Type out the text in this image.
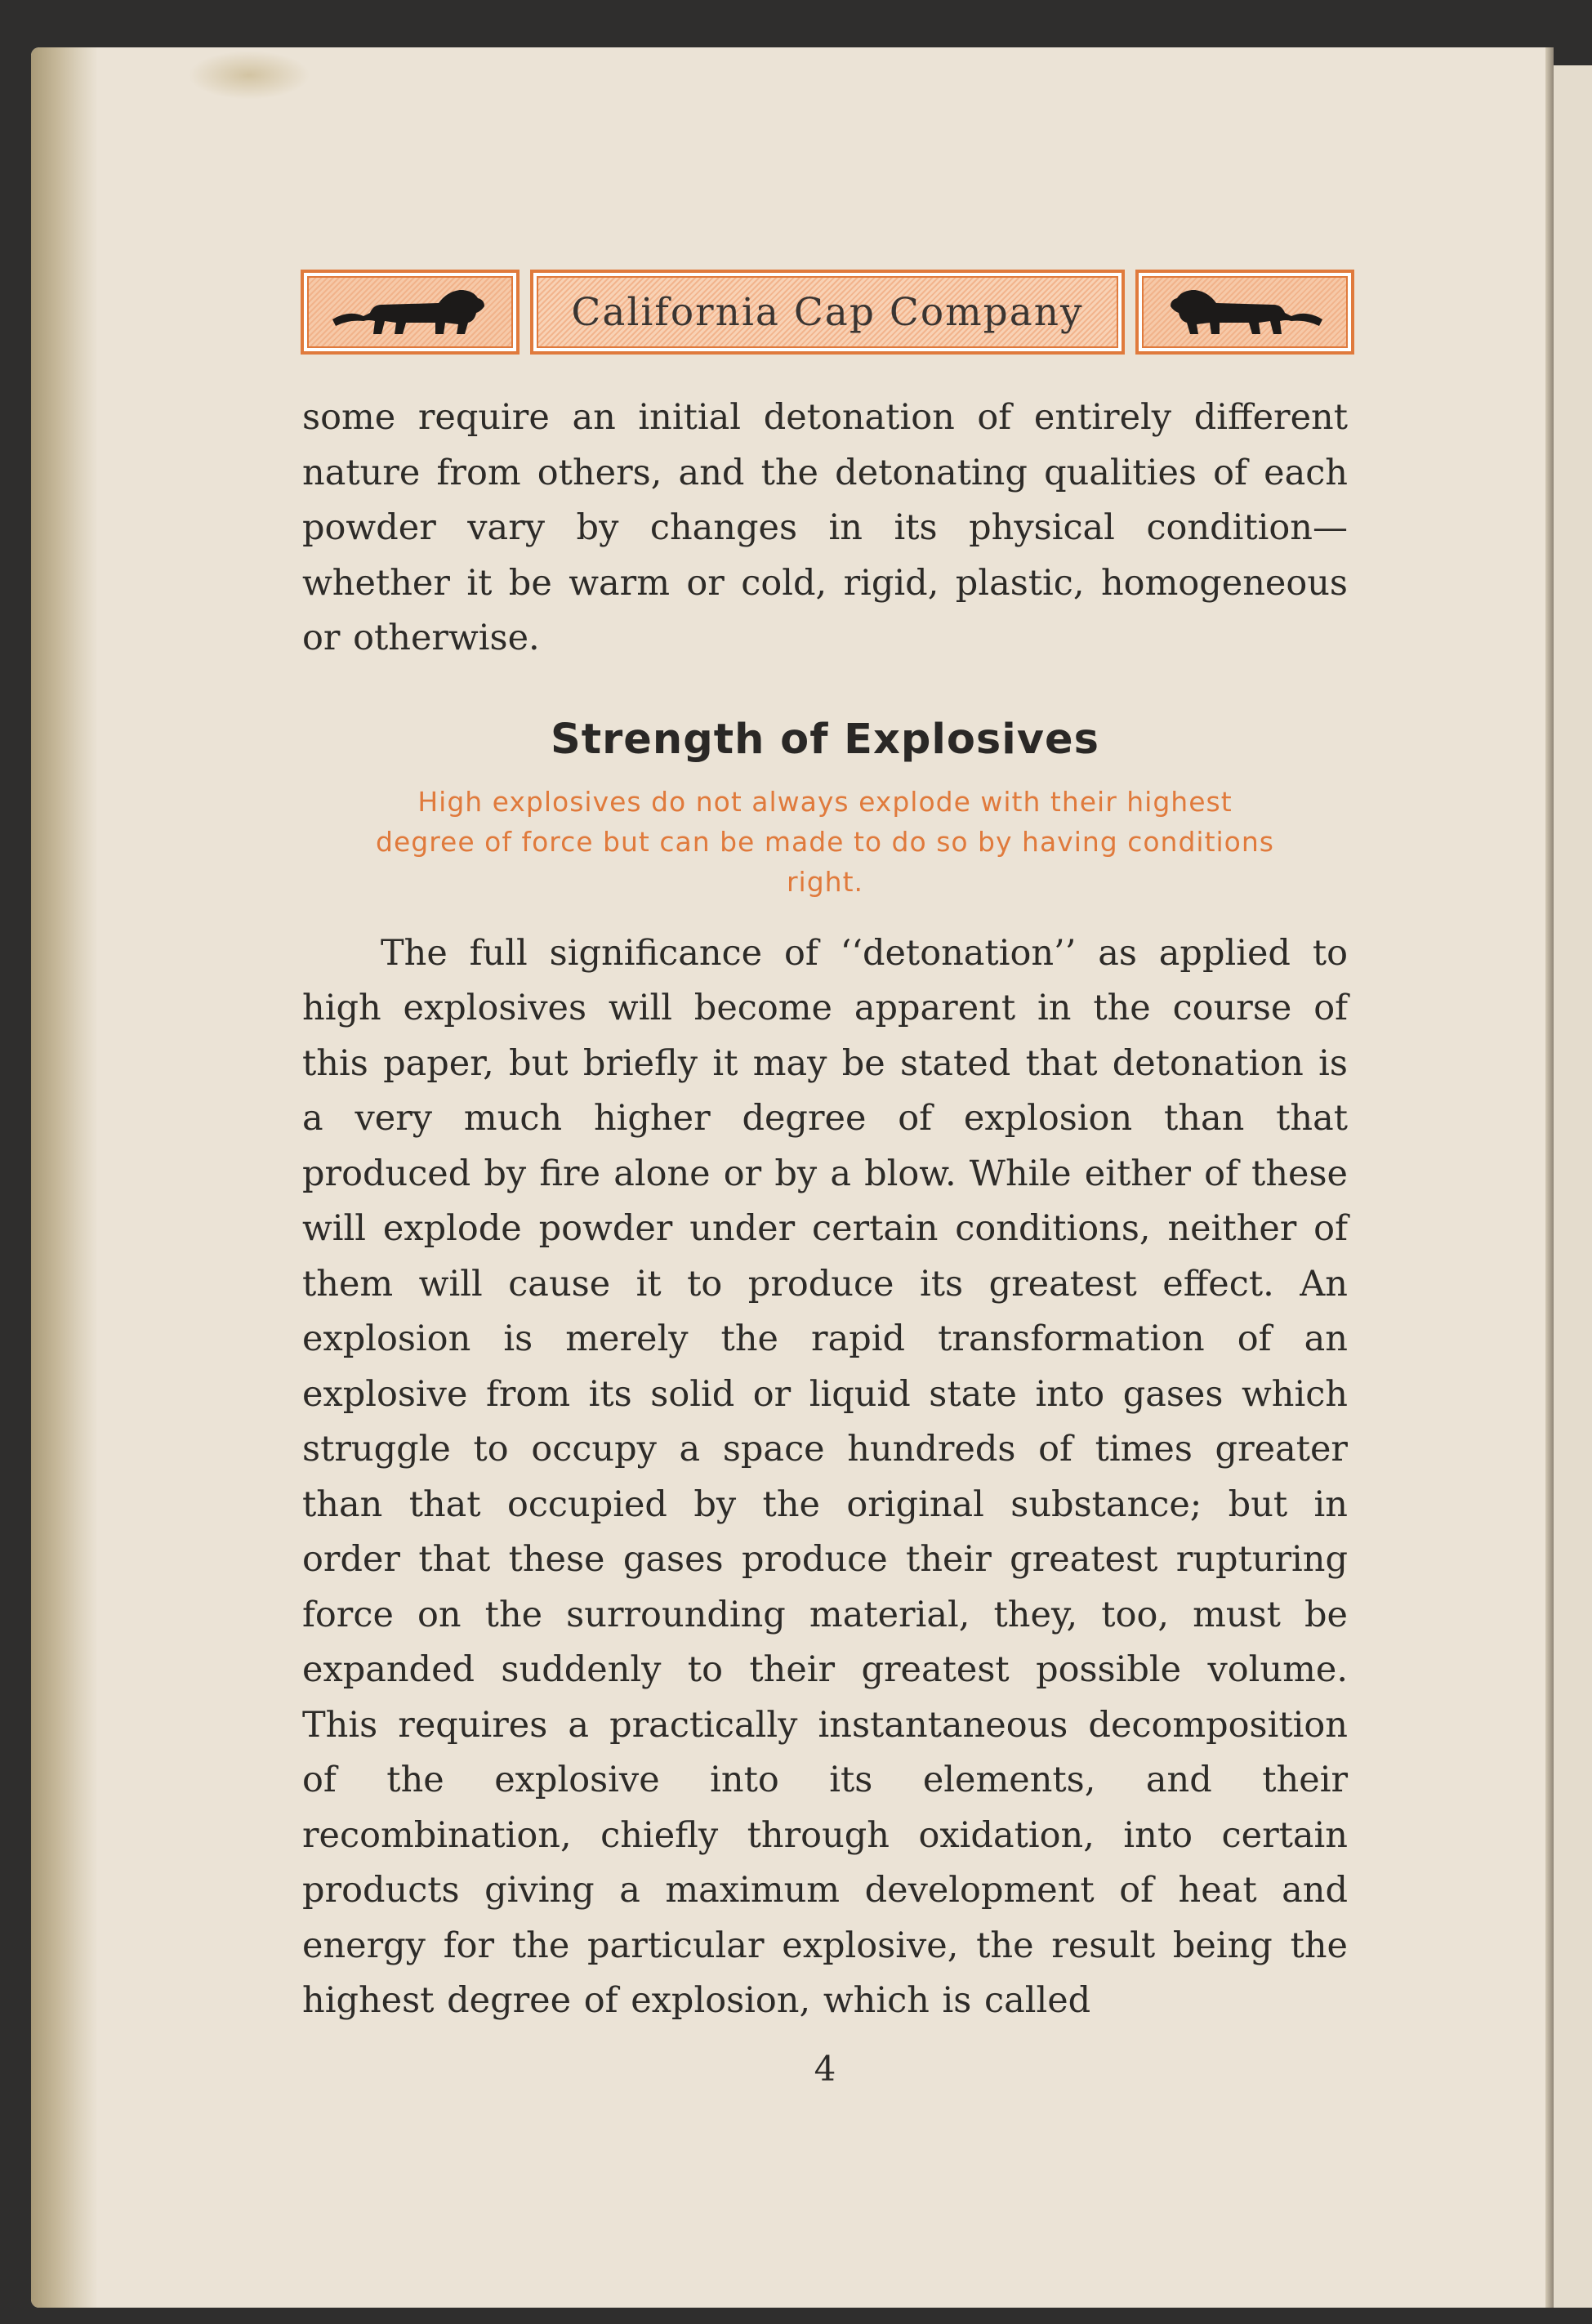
California Cap Company

some require an initial detonation of entirely different nature from others, and the detonating qualities of each powder vary by changes in its physical condition—whether it be warm or cold, rigid, plastic, homogeneous or otherwise.

Strength of Explosives

High explosives do not always explode with their highest degree of force but can be made to do so by having conditions right.

The full significance of ‘‘detonation’’ as applied to high explosives will become apparent in the course of this paper, but briefly it may be stated that detonation is a very much higher degree of explosion than that produced by fire alone or by a blow. While either of these will explode powder under certain conditions, neither of them will cause it to produce its greatest effect. An explosion is merely the rapid transformation of an explosive from its solid or liquid state into gases which struggle to occupy a space hundreds of times greater than that occupied by the original substance; but in order that these gases produce their greatest rupturing force on the surrounding material, they, too, must be expanded suddenly to their greatest possible volume. This requires a practically instantaneous decomposition of the explosive into its elements, and their recombination, chiefly through oxidation, into certain products giving a maximum development of heat and energy for the particular explosive, the result being the highest degree of explosion, which is called

4
